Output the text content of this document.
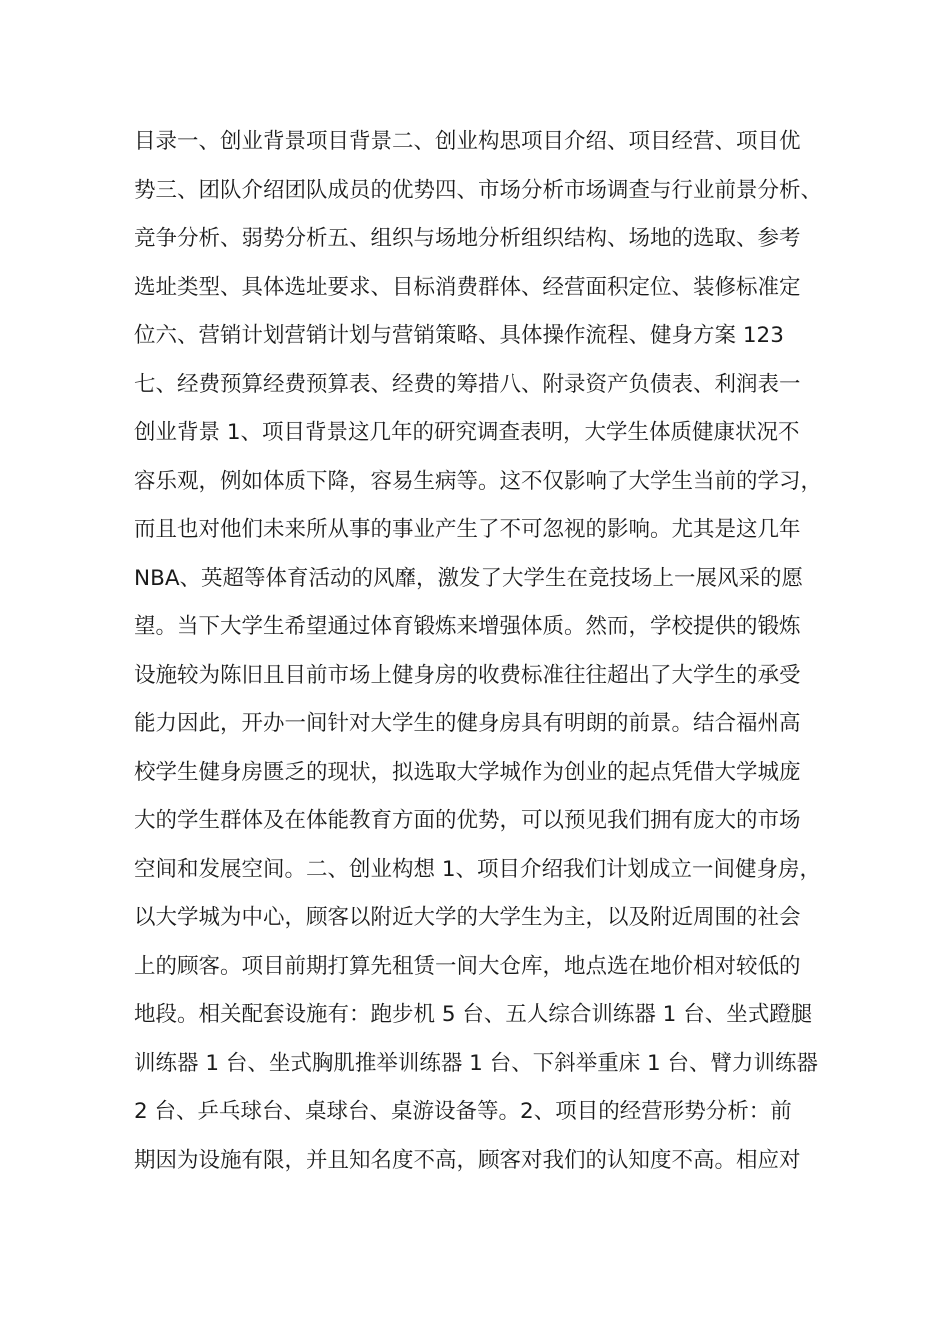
目录一、创业背景项目背景二、创业构思项目介绍、项目经营、项目优
势三、团队介绍团队成员的优势四、市场分析市场调查与行业前景分析、
竞争分析、弱势分析五、组织与场地分析组织结构、场地的选取、参考
选址类型、具体选址要求、目标消费群体、经营面积定位、装修标准定
位六、营销计划营销计划与营销策略、具体操作流程、健身方案 123
七、经费预算经费预算表、经费的筹措八、附录资产负债表、利润表一
创业背景 1、项目背景这几年的研究调查表明，大学生体质健康状况不
容乐观，例如体质下降，容易生病等。这不仅影响了大学生当前的学习，
而且也对他们未来所从事的事业产生了不可忽视的影响。尤其是这几年
NBA、英超等体育活动的风靡，激发了大学生在竞技场上一展风采的愿
望。当下大学生希望通过体育锻炼来增强体质。然而，学校提供的锻炼
设施较为陈旧且目前市场上健身房的收费标准往往超出了大学生的承受
能力因此，开办一间针对大学生的健身房具有明朗的前景。结合福州高
校学生健身房匮乏的现状，拟选取大学城作为创业的起点凭借大学城庞
大的学生群体及在体能教育方面的优势，可以预见我们拥有庞大的市场
空间和发展空间。二、创业构想 1、项目介绍我们计划成立一间健身房，
以大学城为中心，顾客以附近大学的大学生为主，以及附近周围的社会
上的顾客。项目前期打算先租赁一间大仓库，地点选在地价相对较低的
地段。相关配套设施有：跑步机 5 台、五人综合训练器 1 台、坐式蹬腿
训练器 1 台、坐式胸肌推举训练器 1 台、下斜举重床 1 台、臂力训练器
2 台、乒乓球台、桌球台、桌游设备等。2、项目的经营形势分析：前
期因为设施有限，并且知名度不高，顾客对我们的认知度不高。相应对
